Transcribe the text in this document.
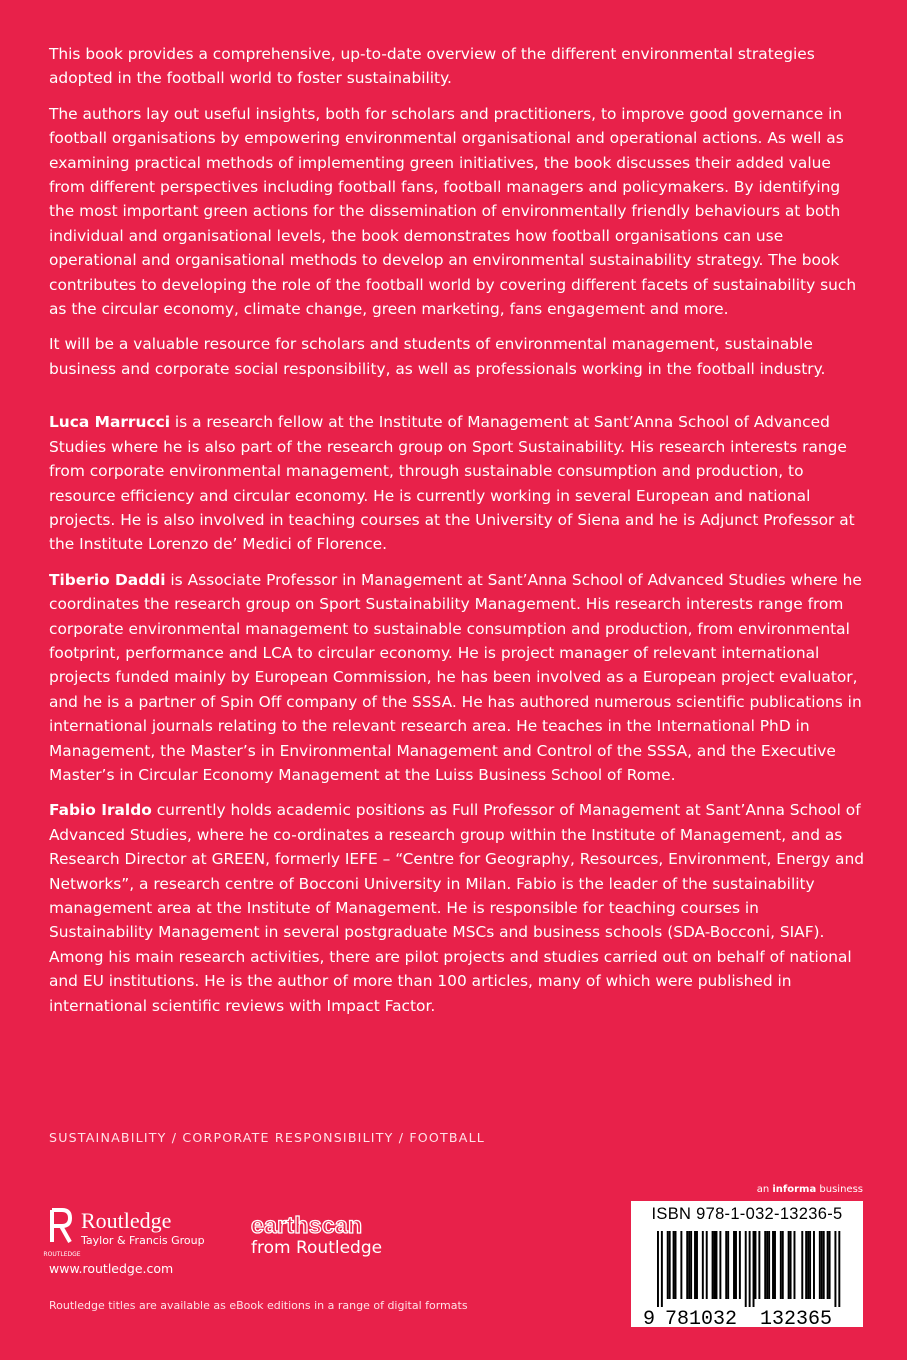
This book provides a comprehensive, up-to-date overview of the different environmental strategies adopted in the football world to foster sustainability.

The authors lay out useful insights, both for scholars and practitioners, to improve good governance in football organisations by empowering environmental organisational and operational actions. As well as examining practical methods of implementing green initiatives, the book discusses their added value from different perspectives including football fans, football managers and policymakers. By identifying the most important green actions for the dissemination of environmentally friendly behaviours at both individual and organisational levels, the book demonstrates how football organisations can use operational and organisational methods to develop an environmental sustainability strategy. The book contributes to developing the role of the football world by covering different facets of sustainability such as the circular economy, climate change, green marketing, fans engagement and more.

It will be a valuable resource for scholars and students of environmental management, sustainable business and corporate social responsibility, as well as professionals working in the football industry.

Luca Marrucci is a research fellow at the Institute of Management at Sant’Anna School of Advanced Studies where he is also part of the research group on Sport Sustainability. His research interests range from corporate environmental management, through sustainable consumption and production, to resource efficiency and circular economy. He is currently working in several European and national projects. He is also involved in teaching courses at the University of Siena and he is Adjunct Professor at the Institute Lorenzo de’ Medici of Florence.

Tiberio Daddi is Associate Professor in Management at Sant’Anna School of Advanced Studies where he coordinates the research group on Sport Sustainability Management. His research interests range from corporate environmental management to sustainable consumption and production, from environmental footprint, performance and LCA to circular economy. He is project manager of relevant international projects funded mainly by European Commission, he has been involved as a European project evaluator, and he is a partner of Spin Off company of the SSSA. He has authored numerous scientific publications in international journals relating to the relevant research area. He teaches in the International PhD in Management, the Master’s in Environmental Management and Control of the SSSA, and the Executive Master’s in Circular Economy Management at the Luiss Business School of Rome.

Fabio Iraldo currently holds academic positions as Full Professor of Management at Sant’Anna School of Advanced Studies, where he co-ordinates a research group within the Institute of Management, and as Research Director at GREEN, formerly IEFE – “Centre for Geography, Resources, Environment, Energy and Networks”, a research centre of Bocconi University in Milan. Fabio is the leader of the sustainability management area at the Institute of Management. He is responsible for teaching courses in Sustainability Management in several postgraduate MSCs and business schools (SDA-Bocconi, SIAF). Among his main research activities, there are pilot projects and studies carried out on behalf of national and EU institutions. He is the author of more than 100 articles, many of which were published in international scientific reviews with Impact Factor.

SUSTAINABILITY / CORPORATE RESPONSIBILITY / FOOTBALL
an informa business
ROUTLEDGE
Routledge
Taylor & Francis Group
earthscan
from Routledge
www.routledge.com
Routledge titles are available as eBook editions in a range of digital formats
ISBN 978-1-032-13236-5
9 781032 132365
